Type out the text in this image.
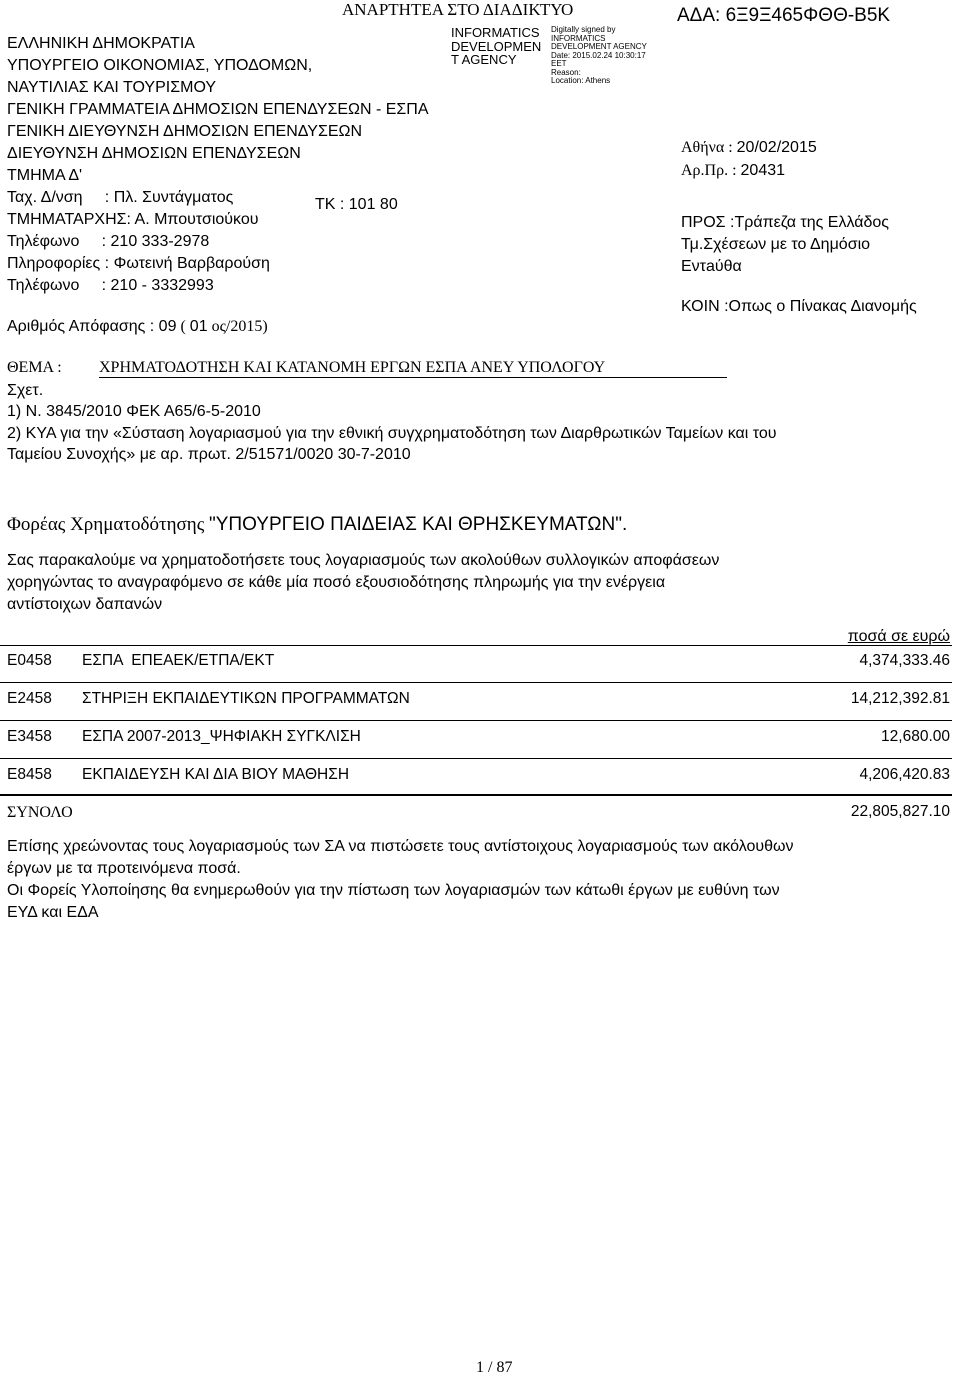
ΑΝΑΡΤΗΤΕΑ ΣΤΟ ΔΙΑΔΙΚΤΥΟ
INFORMATICS
DEVELOPMEN
T AGENCY
Digitally signed by
INFORMATICS
DEVELOPMENT AGENCY
Date: 2015.02.24 10:30:17
EET
Reason:
Location: Athens
ΑΔΑ: 6Ξ9Ξ465ΦΘΘ-Β5Κ
ΕΛΛΗΝΙΚΗ ΔΗΜΟΚΡΑΤΙΑ
ΥΠΟΥΡΓΕΙΟ ΟΙΚΟΝΟΜΙΑΣ, ΥΠΟΔΟΜΩΝ,
ΝΑΥΤΙΛΙΑΣ ΚΑΙ ΤΟΥΡΙΣΜΟΥ
ΓΕΝΙΚΗ ΓΡΑΜΜΑΤΕΙΑ ΔΗΜΟΣΙΩΝ ΕΠΕΝΔΥΣΕΩΝ - ΕΣΠΑ
ΓΕΝΙΚΗ ΔΙΕΥΘΥΝΣΗ ΔΗΜΟΣΙΩΝ ΕΠΕΝΔΥΣΕΩΝ
ΔΙΕΥΘΥΝΣΗ ΔΗΜΟΣΙΩΝ ΕΠΕΝΔΥΣΕΩΝ
ΤΜΗΜΑ Δ'
Ταχ. Δ/νση     : Πλ. Συντάγματος
ΤΜΗΜΑΤΑΡΧΗΣ: Α. Μπουτσιούκου
Τηλέφωνο     : 210 333-2978
Πληροφορίες : Φωτεινή Βαρβαρούση
Τηλέφωνο     : 210 - 3332993
ΤΚ : 101 80
Αριθμός Απόφασης : 09 ( 01 ος/2015)
Αθήνα : 20/02/2015
Αρ.Πρ. : 20431
ΠΡΟΣ :Τράπεζα της Ελλάδος
Τμ.Σχέσεων με το Δημόσιο
Εντaύθα
ΚΟΙΝ :Οπως ο Πίνακας Διανομής
ΘΕΜΑ : ΧΡΗΜΑΤΟΔΟΤΗΣΗ ΚΑΙ ΚΑΤΑΝΟΜΗ ΕΡΓΩΝ ΕΣΠΑ ΑΝΕΥ ΥΠΟΛΟΓΟΥ
Σχετ.
1) Ν. 3845/2010 ΦΕΚ Α65/6-5-2010
2) ΚΥΑ για την «Σύσταση λογαριασμού για την εθνική συγχρηματοδότηση των Διαρθρωτικών Ταμείων και του
Ταμείου Συνοχής» με αρ. πρωτ. 2/51571/0020 30-7-2010
Φορέας Χρηματοδότησης "ΥΠΟΥΡΓΕΙΟ ΠΑΙΔΕΙΑΣ ΚΑΙ ΘΡΗΣΚΕΥΜΑΤΩΝ".
Σας παρακαλούμε να χρηματοδοτήσετε τους λογαριασμούς των ακολούθων συλλογικών αποφάσεων
χορηγώντας το αναγραφόμενο σε κάθε μία ποσό εξουσιοδότησης πληρωμής για την ενέργεια
αντίστοιχων δαπανών
ποσά σε ευρώ
Ε0458 ΕΣΠΑ  ΕΠΕΑΕΚ/ΕΤΠΑ/ΕΚΤ	4,374,333.46
Ε2458 ΣΤΗΡΙΞΗ ΕΚΠΑΙΔΕΥΤΙΚΩΝ ΠΡΟΓΡΑΜΜΑΤΩΝ	14,212,392.81
Ε3458 ΕΣΠΑ 2007-2013_ΨΗΦΙΑΚΗ ΣΥΓΚΛΙΣΗ	12,680.00
Ε8458 ΕΚΠΑΙΔΕΥΣΗ ΚΑΙ ΔΙΑ ΒΙΟΥ ΜΑΘΗΣΗ	4,206,420.83
ΣΥΝΟΛΟ	22,805,827.10
Επίσης χρεώνοντας τους λογαριασμούς των ΣΑ να πιστώσετε τους αντίστοιχους λογαριασμούς των ακόλουθων
έργων με τα προτεινόμενα ποσά.
Οι Φορείς Υλοποίησης θα ενημερωθούν για την πίστωση των λογαριασμών των κάτωθι έργων με ευθύνη των
ΕΥΔ και ΕΔΑ
1 / 87
